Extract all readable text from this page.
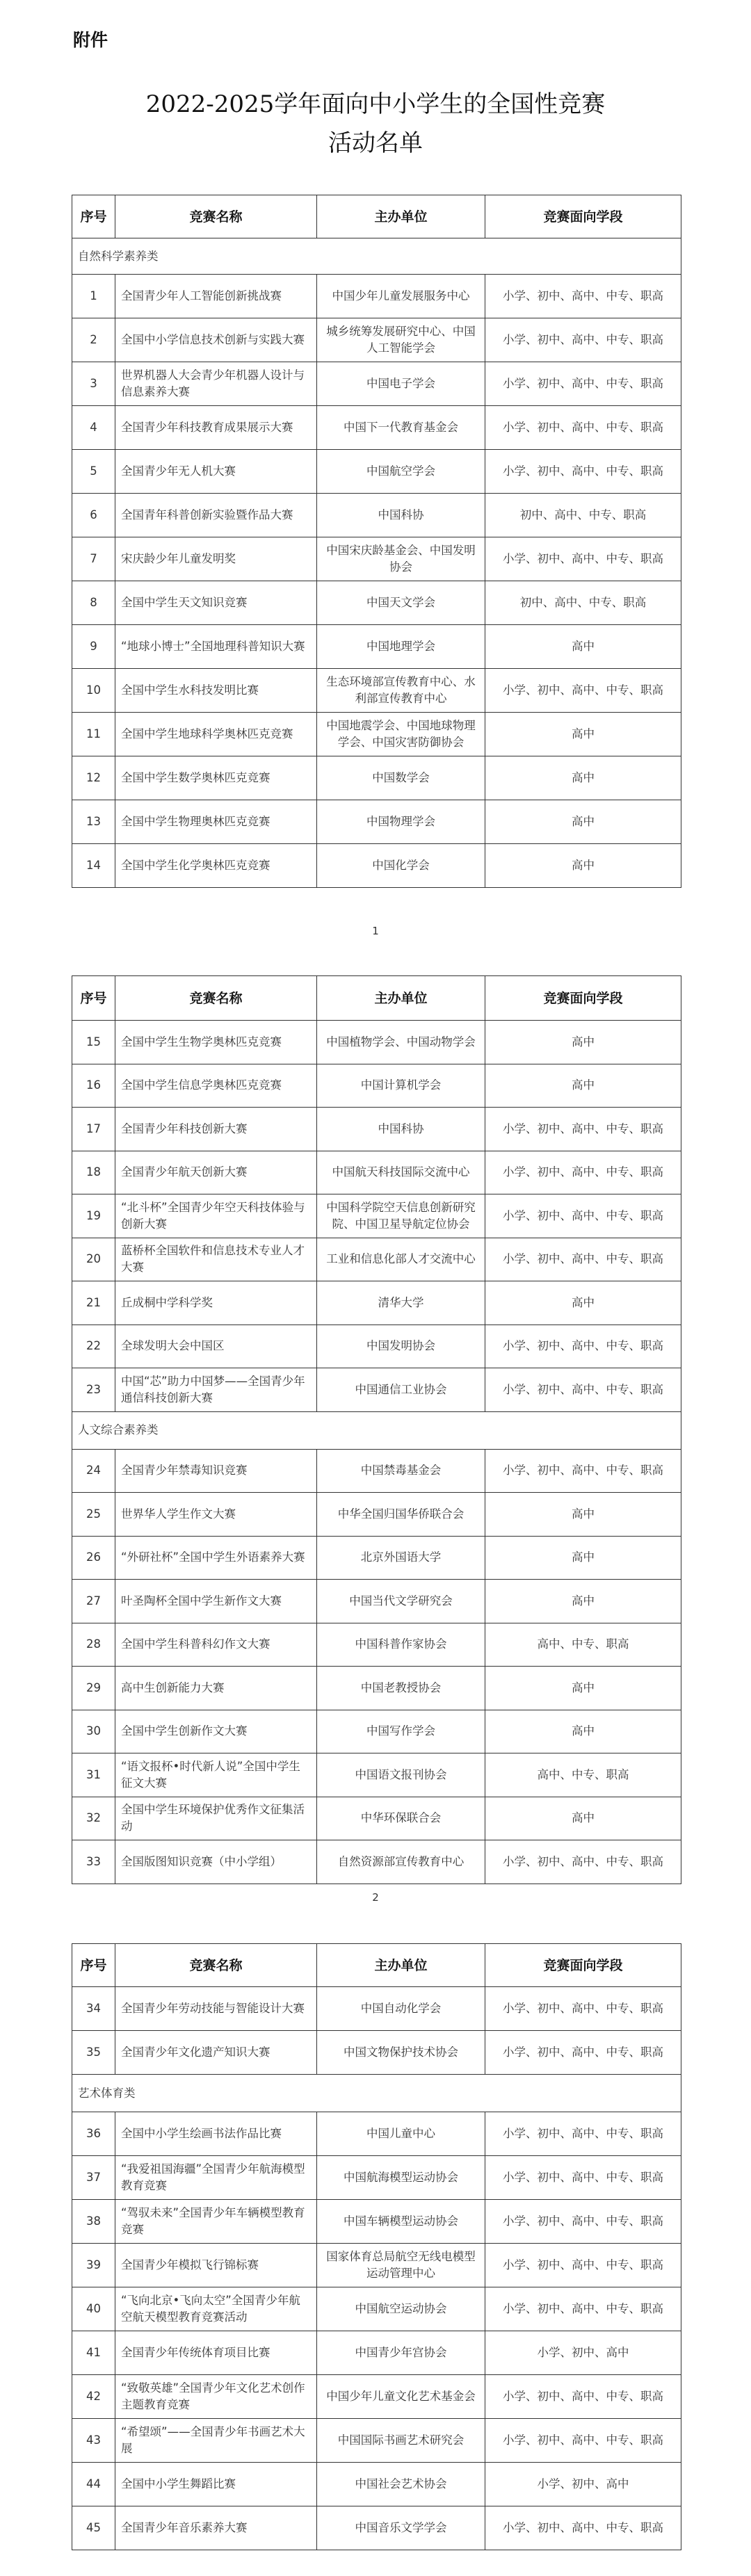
附件
2022-2025学年面向中小学生的全国性竞赛
活动名单
序号	竞赛名称	主办单位	竞赛面向学段
自然科学素养类			
1	全国青少年人工智能创新挑战赛	中国少年儿童发展服务中心	小学、初中、高中、中专、职高
2	全国中小学信息技术创新与实践大赛	城乡统筹发展研究中心、中国人工智能学会	小学、初中、高中、中专、职高
3	世界机器人大会青少年机器人设计与信息素养大赛	中国电子学会	小学、初中、高中、中专、职高
4	全国青少年科技教育成果展示大赛	中国下一代教育基金会	小学、初中、高中、中专、职高
5	全国青少年无人机大赛	中国航空学会	小学、初中、高中、中专、职高
6	全国青年科普创新实验暨作品大赛	中国科协	初中、高中、中专、职高
7	宋庆龄少年儿童发明奖	中国宋庆龄基金会、中国发明协会	小学、初中、高中、中专、职高
8	全国中学生天文知识竞赛	中国天文学会	初中、高中、中专、职高
9	“地球小博士”全国地理科普知识大赛	中国地理学会	高中
10	全国中学生水科技发明比赛	生态环境部宣传教育中心、水利部宣传教育中心	小学、初中、高中、中专、职高
11	全国中学生地球科学奥林匹克竞赛	中国地震学会、中国地球物理学会、中国灾害防御协会	高中
12	全国中学生数学奥林匹克竞赛	中国数学会	高中
13	全国中学生物理奥林匹克竞赛	中国物理学会	高中
14	全国中学生化学奥林匹克竞赛	中国化学会	高中
1
序号	竞赛名称	主办单位	竞赛面向学段
15	全国中学生生物学奥林匹克竞赛	中国植物学会、中国动物学会	高中
16	全国中学生信息学奥林匹克竞赛	中国计算机学会	高中
17	全国青少年科技创新大赛	中国科协	小学、初中、高中、中专、职高
18	全国青少年航天创新大赛	中国航天科技国际交流中心	小学、初中、高中、中专、职高
19	“北斗杯”全国青少年空天科技体验与创新大赛	中国科学院空天信息创新研究院、中国卫星导航定位协会	小学、初中、高中、中专、职高
20	蓝桥杯全国软件和信息技术专业人才大赛	工业和信息化部人才交流中心	小学、初中、高中、中专、职高
21	丘成桐中学科学奖	清华大学	高中
22	全球发明大会中国区	中国发明协会	小学、初中、高中、中专、职高
23	中国“芯”助力中国梦——全国青少年通信科技创新大赛	中国通信工业协会	小学、初中、高中、中专、职高
人文综合素养类			
24	全国青少年禁毒知识竞赛	中国禁毒基金会	小学、初中、高中、中专、职高
25	世界华人学生作文大赛	中华全国归国华侨联合会	高中
26	“外研社杯”全国中学生外语素养大赛	北京外国语大学	高中
27	叶圣陶杯全国中学生新作文大赛	中国当代文学研究会	高中
28	全国中学生科普科幻作文大赛	中国科普作家协会	高中、中专、职高
29	高中生创新能力大赛	中国老教授协会	高中
30	全国中学生创新作文大赛	中国写作学会	高中
31	“语文报杯•时代新人说”全国中学生征文大赛	中国语文报刊协会	高中、中专、职高
32	全国中学生环境保护优秀作文征集活动	中华环保联合会	高中
33	全国版图知识竞赛（中小学组）	自然资源部宣传教育中心	小学、初中、高中、中专、职高
2
序号	竞赛名称	主办单位	竞赛面向学段
34	全国青少年劳动技能与智能设计大赛	中国自动化学会	小学、初中、高中、中专、职高
35	全国青少年文化遗产知识大赛	中国文物保护技术协会	小学、初中、高中、中专、职高
艺术体育类			
36	全国中小学生绘画书法作品比赛	中国儿童中心	小学、初中、高中、中专、职高
37	“我爱祖国海疆”全国青少年航海模型教育竞赛	中国航海模型运动协会	小学、初中、高中、中专、职高
38	“驾驭未来”全国青少年车辆模型教育竞赛	中国车辆模型运动协会	小学、初中、高中、中专、职高
39	全国青少年模拟飞行锦标赛	国家体育总局航空无线电模型运动管理中心	小学、初中、高中、中专、职高
40	“飞向北京•飞向太空”全国青少年航空航天模型教育竞赛活动	中国航空运动协会	小学、初中、高中、中专、职高
41	全国青少年传统体育项目比赛	中国青少年宫协会	小学、初中、高中
42	“致敬英雄”全国青少年文化艺术创作主题教育竞赛	中国少年儿童文化艺术基金会	小学、初中、高中、中专、职高
43	“希望颂”——全国青少年书画艺术大展	中国国际书画艺术研究会	小学、初中、高中、中专、职高
44	全国中小学生舞蹈比赛	中国社会艺术协会	小学、初中、高中
45	全国青少年音乐素养大赛	中国音乐文学学会	小学、初中、高中、中专、职高
